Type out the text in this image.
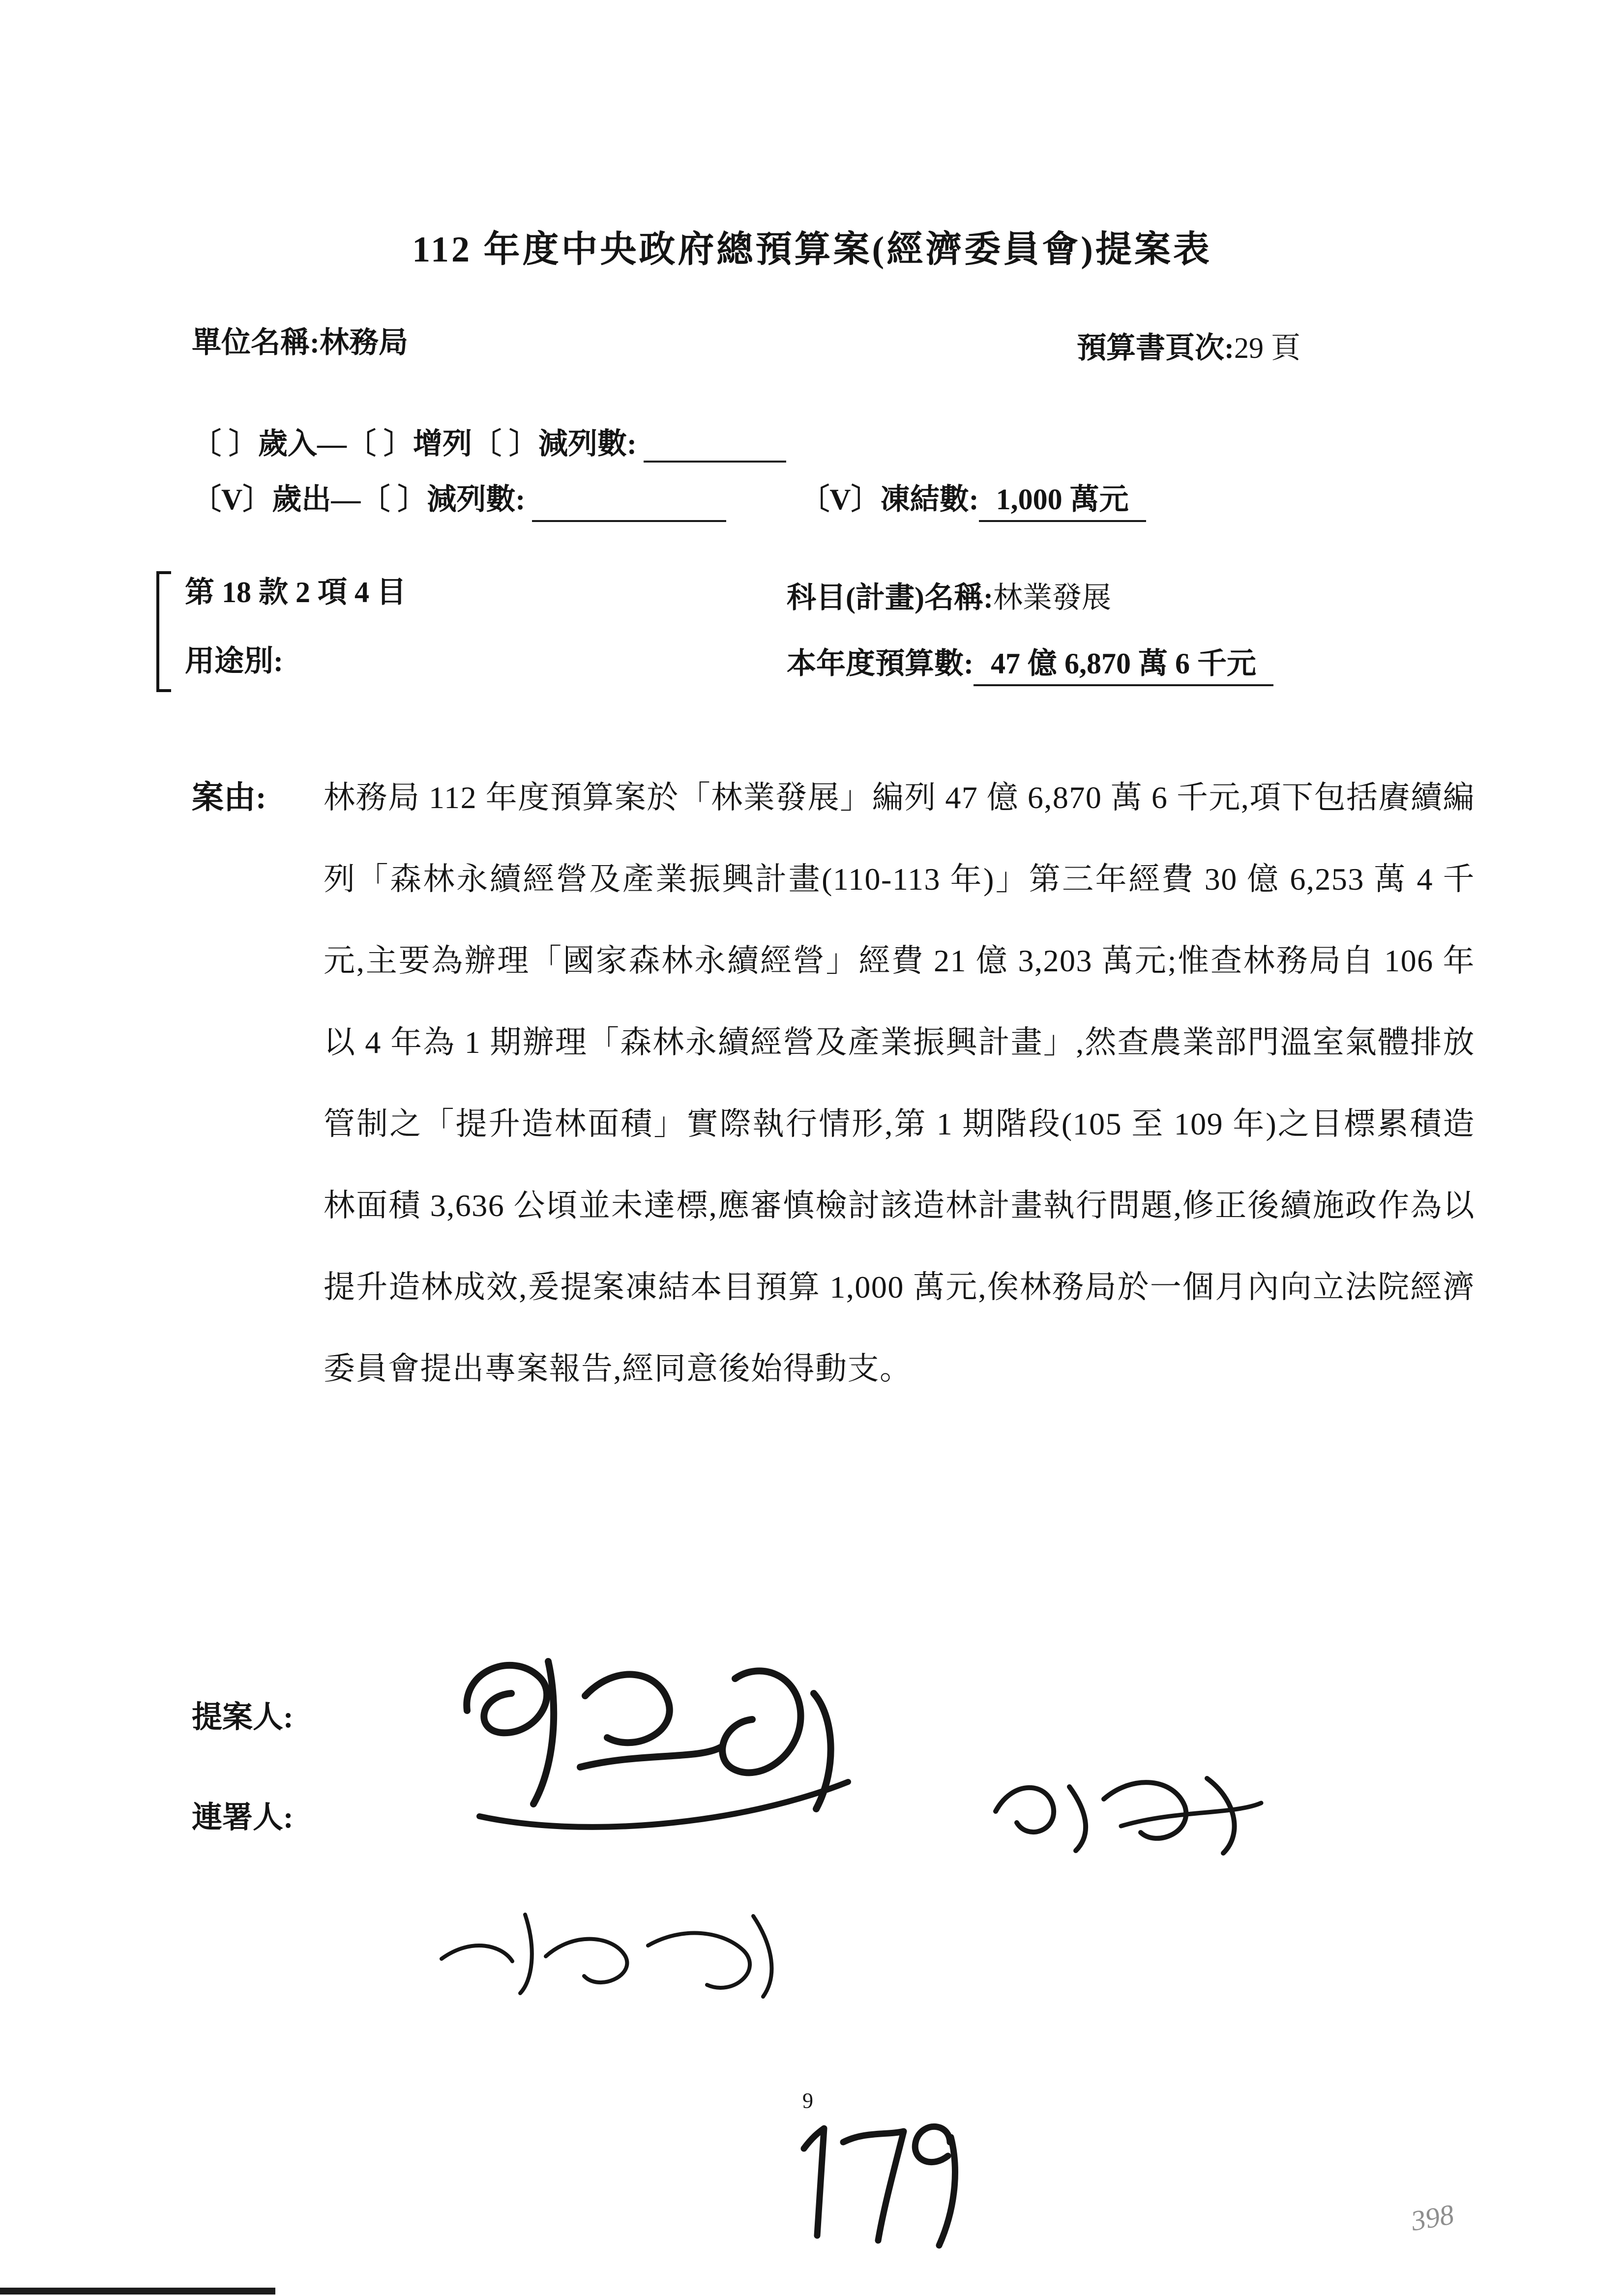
112 年度中央政府總預算案(經濟委員會)提案表
單位名稱:林務局	預算書頁次:29 頁
〔 〕歲入—〔 〕增列〔 〕減列數:
〔V〕歲出—〔 〕減列數:	〔V〕凍結數: 1,000 萬元
第 18 款 2 項 4 目
用途別:
科目(計畫)名稱:林業發展
本年度預算數: 47 億 6,870 萬 6 千元
案由:	林務局 112 年度預算案於「林業發展」編列 47 億 6,870 萬 6 千元,項下包括賡續編列「森林永續經營及產業振興計畫(110-113 年)」第三年經費 30 億 6,253 萬 4 千元,主要為辦理「國家森林永續經營」經費 21 億 3,203 萬元;惟查林務局自 106 年以 4 年為 1 期辦理「森林永續經營及產業振興計畫」,然查農業部門溫室氣體排放管制之「提升造林面積」實際執行情形,第 1 期階段(105 至 109 年)之目標累積造林面積 3,636 公頃並未達標,應審慎檢討該造林計畫執行問題,修正後續施政作為以提升造林成效,爰提案凍結本目預算 1,000 萬元,俟林務局於一個月內向立法院經濟委員會提出專案報告,經同意後始得動支。
提案人:
連署人:
9
398
